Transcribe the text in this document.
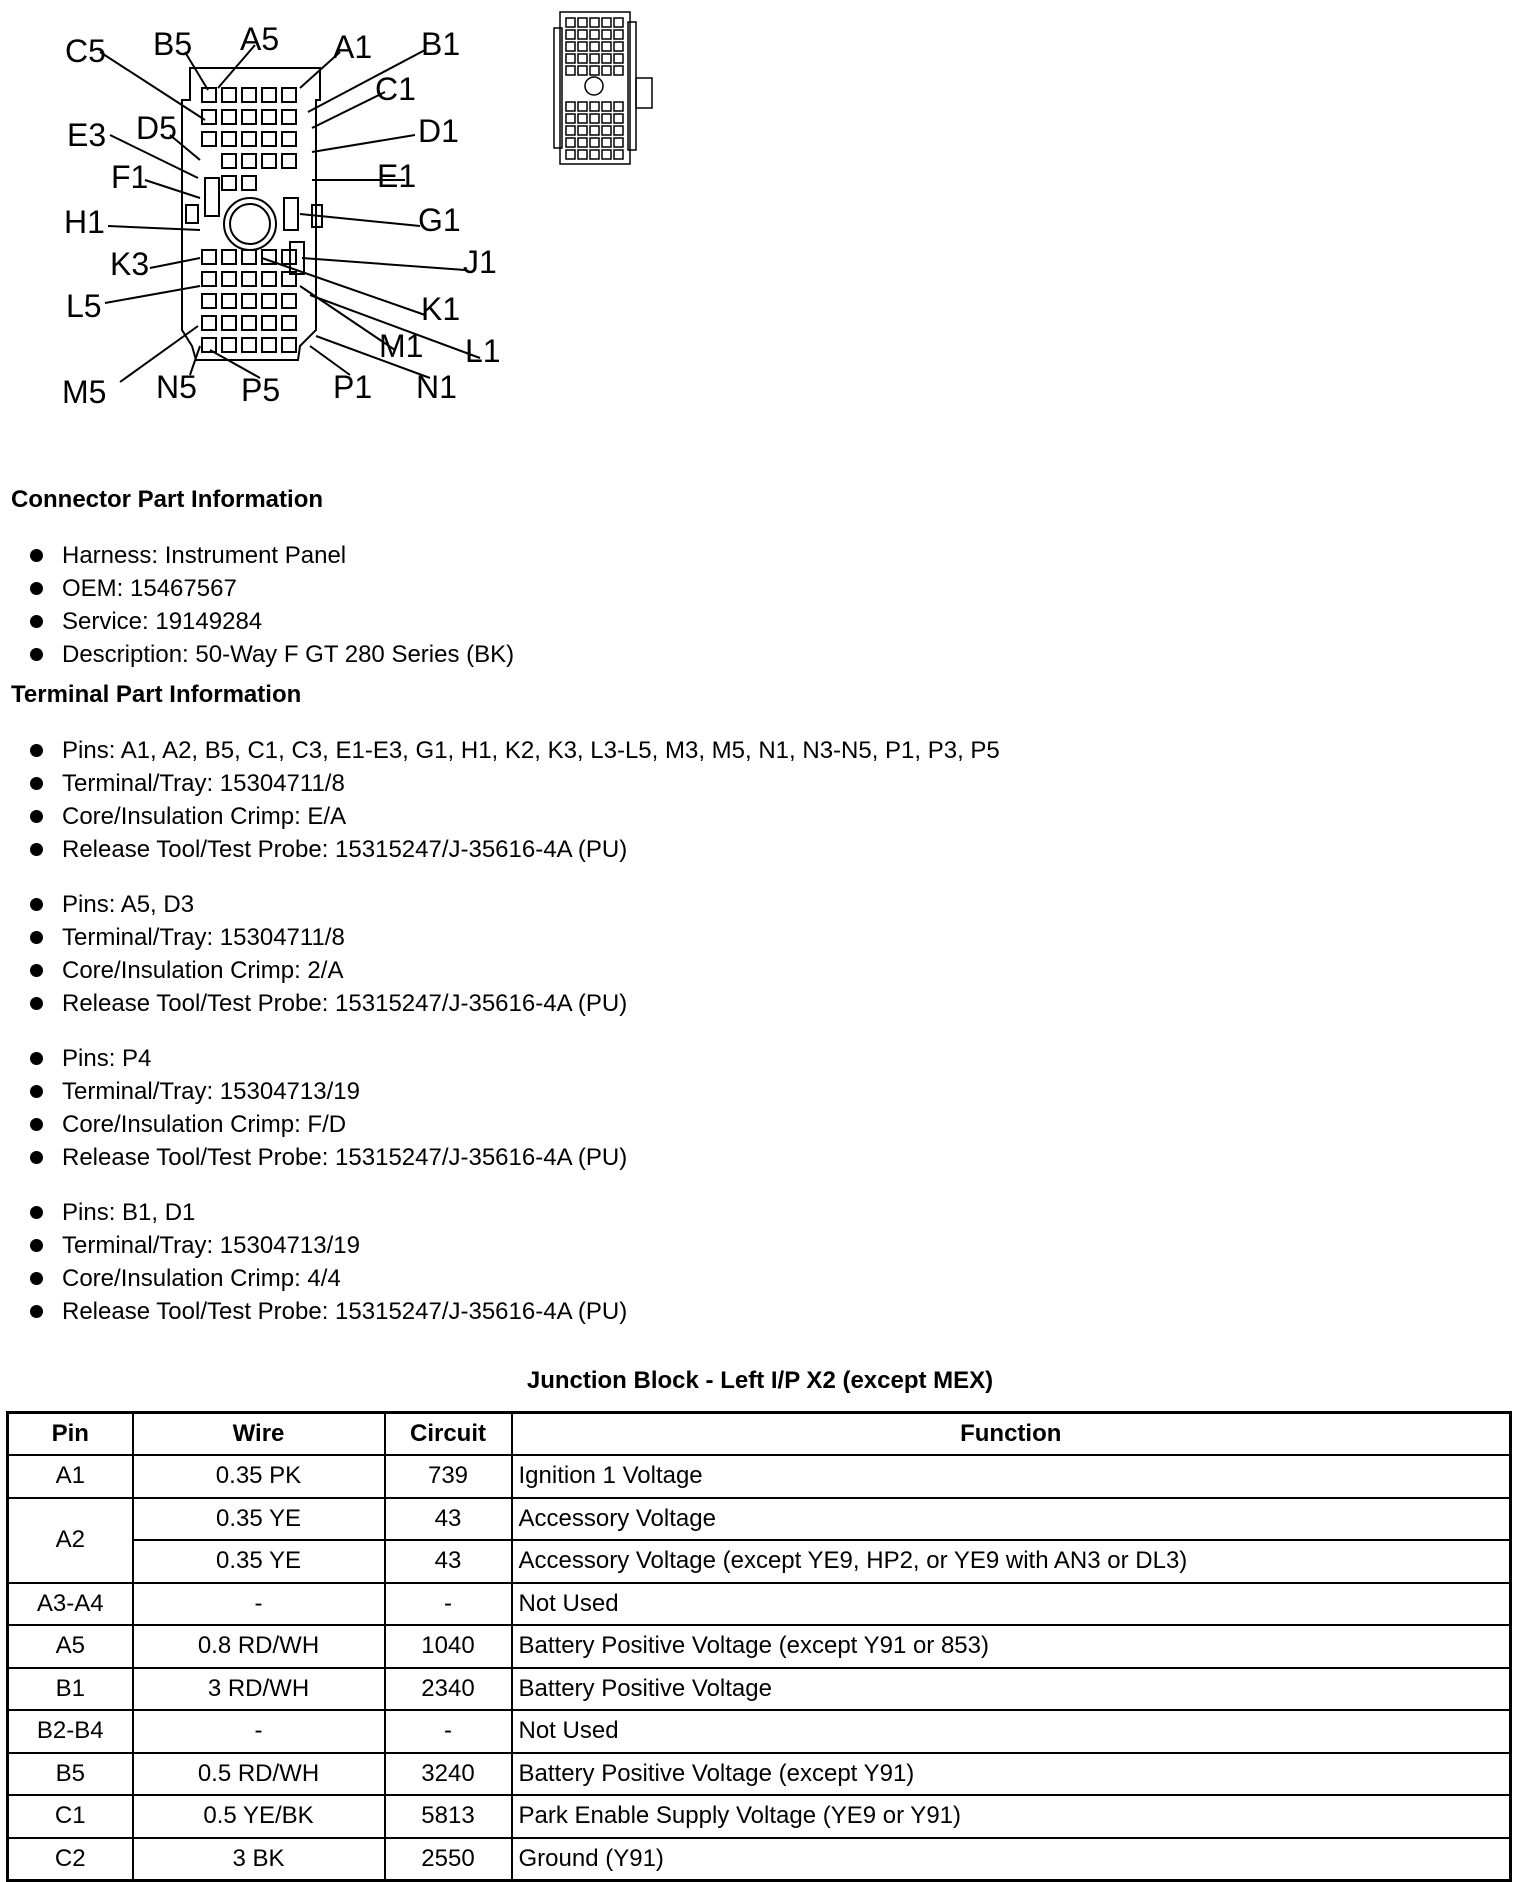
C5 B5 A5 A1 B1
C1
E3 D5	D1
F1	E1
H1	G1
K3	J1
L5	K1
M1 L1
M5 N5 P5 P1 N1
Connector Part Information
Harness: Instrument Panel
OEM: 15467567
Service: 19149284
Description: 50-Way F GT 280 Series (BK)
Terminal Part Information
Pins: A1, A2, B5, C1, C3, E1-E3, G1, H1, K2, K3, L3-L5, M3, M5, N1, N3-N5, P1, P3, P5
Terminal/Tray: 15304711/8
Core/Insulation Crimp: E/A
Release Tool/Test Probe: 15315247/J-35616-4A (PU)
Pins: A5, D3
Terminal/Tray: 15304711/8
Core/Insulation Crimp: 2/A
Release Tool/Test Probe: 15315247/J-35616-4A (PU)
Pins: P4
Terminal/Tray: 15304713/19
Core/Insulation Crimp: F/D
Release Tool/Test Probe: 15315247/J-35616-4A (PU)
Pins: B1, D1
Terminal/Tray: 15304713/19
Core/Insulation Crimp: 4/4
Release Tool/Test Probe: 15315247/J-35616-4A (PU)
Junction Block - Left I/P X2 (except MEX)
Pin	Wire	Circuit	Function
A1	0.35 PK	739	Ignition 1 Voltage
A2	0.35 YE	43	Accessory Voltage
	0.35 YE	43	Accessory Voltage (except YE9, HP2, or YE9 with AN3 or DL3)
A3-A4	-	-	Not Used
A5	0.8 RD/WH	1040	Battery Positive Voltage (except Y91 or 853)
B1	3 RD/WH	2340	Battery Positive Voltage
B2-B4	-	-	Not Used
B5	0.5 RD/WH	3240	Battery Positive Voltage (except Y91)
C1	0.5 YE/BK	5813	Park Enable Supply Voltage (YE9 or Y91)
C2	3 BK	2550	Ground (Y91)
